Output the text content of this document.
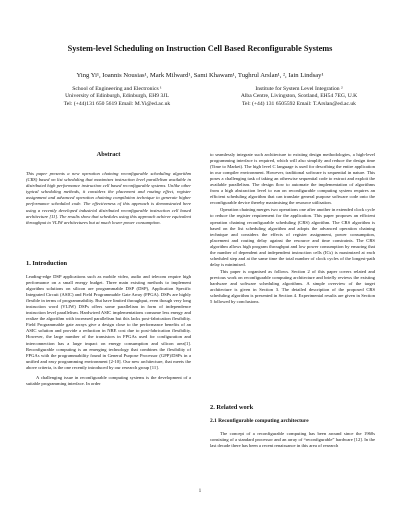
System-level Scheduling on Instruction Cell Based Reconfigurable Systems
Ying Yi¹, Ioannis Nousias¹, Mark Milward¹, Sami Khawam¹, Tughrul Arslan¹, ², Iain Lindsay¹
School of Engineering and Electronics ¹
University of Edinburgh, Edinburgh, EH9 3JL
Tel: (+44)131 650 5619 Email: M.Yi@ed.ac.uk
Institute for System Level Integration ²
Alba Centre, Livingston, Scotland, EH54 7EG, U.K
Tel: (+44) 131 6505592 Email: T.Arslan@ed.ac.uk
Abstract
This paper presents a new operation chaining reconfigurable scheduling algorithm (CRS) based on list scheduling that maximizes instruction level parallelism available in distributed high performance instruction cell based reconfigurable systems. Unlike other typical scheduling methods, it considers the placement and routing effect, register assignment and advanced operation chaining compilation technique to generate higher performance scheduled code. The effectiveness of this approach is demonstrated here using a recently developed industrial distributed reconfigurable instruction cell based architecture [11]. The results show that schedules using this approach achieve equivalent throughput to VLIW architectures but at much lower power consumption.
1. Introduction

Leading-edge DSP applications such as mobile video, audio and telecom require high performance on a small energy budget. Three main existing methods to implement algorithm solutions on silicon are programmable DSP (DSP), Application Specific Integrated Circuit (ASIC) and Field Programmable Gate Array (FPGA). DSPs are highly flexible in terms of programmability. But have limited throughput, even though very long instruction word (VLIW) DSPs offers some parallelism in form of independence instruction level parallelism. Hardwired ASIC implementations consume less energy and realize the algorithm with increased parallelism but this lacks post-fabrication flexibility. Field Programmable gate arrays give a design close to the performance benefits of an ASIC solution and provide a reduction in NRE cost due to post-fabrication flexibility. However, the large number of the transistors in FPGAs used for configuration and interconnection has a large impact on energy consumption and silicon area[1]. Reconfigurable computing is an emerging technology that combines the flexibility of FPGAs with the programmability found in General Purpose Processor (GPP)/DSPs in a unified and easy programming environment [2-10]. Our new architecture, that meets the above criteria, is the one recently introduced by our research group [11].

A challenging issue in reconfigurable computing systems is the development of a suitable programming interface. In order

to seamlessly integrate such architecture to existing design methodologies, a high-level programming interface is required, which will also simplify and reduce the design time (Time to Market). The high level C language is used for describing the entire application in our compiler environment. However, traditional software is sequential in nature. This poses a challenging task of taking an otherwise sequential code to extract and exploit the available parallelism. The design flow to automate the implementation of algorithms from a high abstraction level to run on reconfigurable computing system requires an efficient scheduling algorithm that can translate general purpose software code onto the reconfigurable device thereby maximising the resource utilisation.

Operation chaining merges two operations one after another in extended clock cycle to reduce the register requirement for the application. This paper proposes an efficient operation chaining reconfigurable scheduling (CRS) algorithm. The CRS algorithm is based on the list scheduling algorithm and adopts the advanced operation chaining technique and considers the effects of register assignment, power consumption, placement and routing delay against the resource and time constraints. The CRS algorithm allows high program throughput and low power consumption by ensuring that the number of dependent and independent instruction cells (ICs) is maximized at each scheduled step and at the same time the total number of clock cycles of the longest-path delay is minimised.

This paper is organised as follows. Section 2 of this paper covers related and previous work on reconfigurable computing architecture and briefly reviews the existing hardware and software scheduling algorithms. A simple overview of the target architecture is given in Section 3. The detailed description of the proposed CRS scheduling algorithm is presented in Section 4. Experimental results are given in Section 5 followed by conclusions.

2. Related work
2.1 Reconfigurable computing architecture

The concept of a reconfigurable computing has been around since the 1960s consisting of a standard processor and an array of “reconfigurable” hardware [12]. In the last decade there has been a recent renaissance in this area of research

1
